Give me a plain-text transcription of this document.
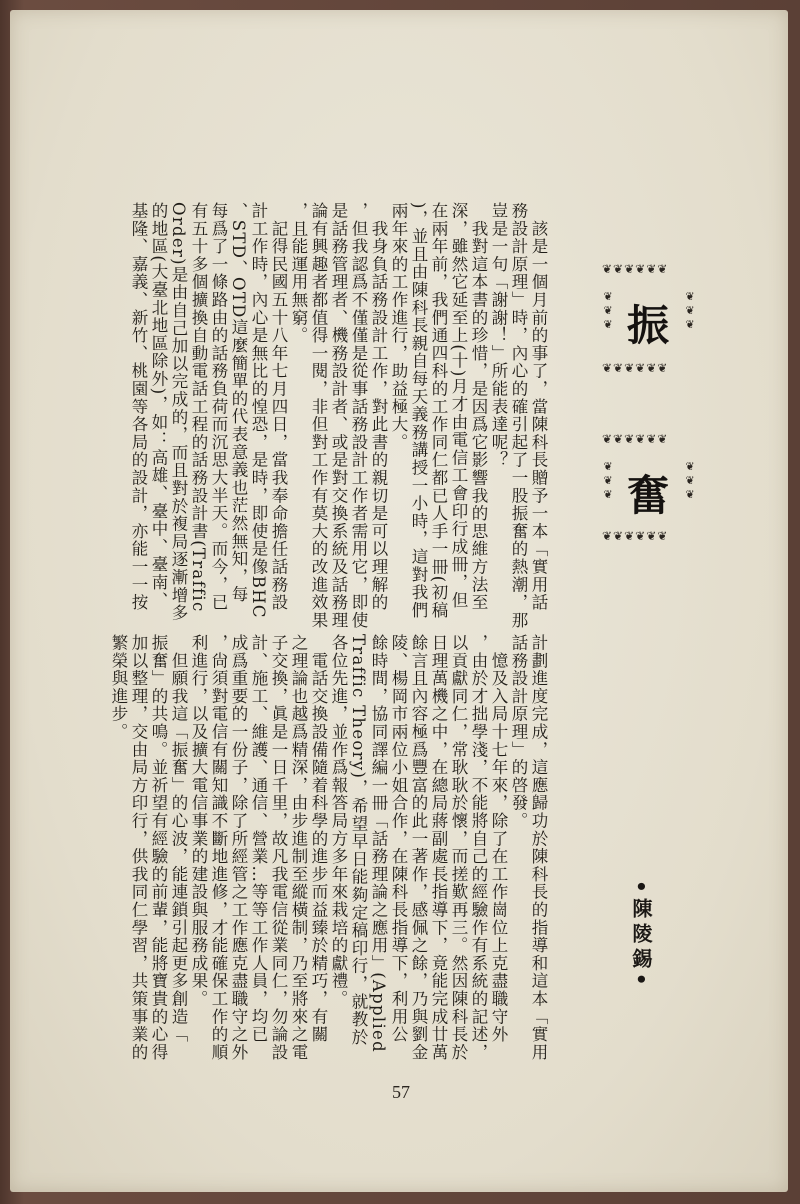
❦❦❦❦❦❦
❦
❦
❦
❦
❦
❦
振
❦❦❦❦❦❦
❦❦❦❦❦❦
❦
❦
❦
❦
❦
❦
奮
❦❦❦❦❦❦
　該是一個月前的事了，當陳科長贈予一本「實用話
務設計原理」時，內心的確引起了一股振奮的熱潮，那
豈是一句「謝謝！」所能表達呢？
　我對這本書的珍惜，是因爲它影響我的思維方法至
深，雖然它延至上(十)月才由電信工會印行成冊，但
在兩年前，我們通四科的工作同仁都已人手一冊(初稿
)，並且由陳科長親自每天義務講授一小時，這對我們
兩年來的工作進行，助益極大。
　我身負話務設計工作，對此書的親切是可以理解的
，但我認爲不僅僅是從事話務設計工作者需用它，即使
是話務管理者、機務設計者、或是對交換系統及話務理
論有興趣者都值得一閱，非但對工作有莫大的改進效果
，且能運用無窮。
　記得民國五十八年七月四日，當我奉命擔任話務設
計工作時，內心是無比的惶恐，是時，即使是像BHC
、STD、OTD這麼簡單的代表意義也茫然無知，每
每爲了一條路由的話務負荷而沉思大半天。而今，已
有五十多個擴換自動電話工程的話務設計書(Traffic
Order)是由自己加以完成的，而且對於複局逐漸增多
的地區(大臺北地區除外)，如：高雄、臺中、臺南、
基隆、嘉義、新竹、桃園等各局的設計，亦能一一按
計劃進度完成，這應歸功於陳科長的指導和這本「實用
話務設計原理」的啓發。
　憶及入局十七年來，除了在工作崗位上克盡職守外
，由於才拙學淺，不能將自己的經驗作有系統的記述，
以貢獻同仁，常耿耿於懷，而搓歎再三。然因陳科長於
日理萬機之中，在總局蔣副處長指導下，竟能完成廿萬
餘言且內容極爲豐富的此一著作，感佩之餘，乃與劉金
陵、楊岡市兩位小姐合作，在陳科長指導下，利用公
餘時間，協同譯編一冊「話務理論之應用」(Applied
Traffic Theory)，希望早日能夠定稿印行，就教於
各位先進，並作爲報答局方多年來栽培的獻禮。
　電話交換設備隨着科學的進步而益臻於精巧，有關
之理論也越爲精深，由步進制至縱橫制，乃至將來之電
子交換，眞是一日千里，故凡我電信從業同仁，勿論設
計、施工、維護、通信、營業…等等工作人員，均已
成爲重要的一份子，除了所經管之工作應克盡職守之外
，尙須對電信有關知識不斷地進修，才能確保工作的順
利進行，以及擴大電信事業的建設與服務成果。
　但願我這「振奮」的心波，能連鎖引起更多創造「
振奮」的共鳴。並祈望有經驗的前輩，能將寶貴的心得
加以整理，交由局方印行，供我同仁學習，共策事業的
繁榮與進步。
•陳陵錫•
57
